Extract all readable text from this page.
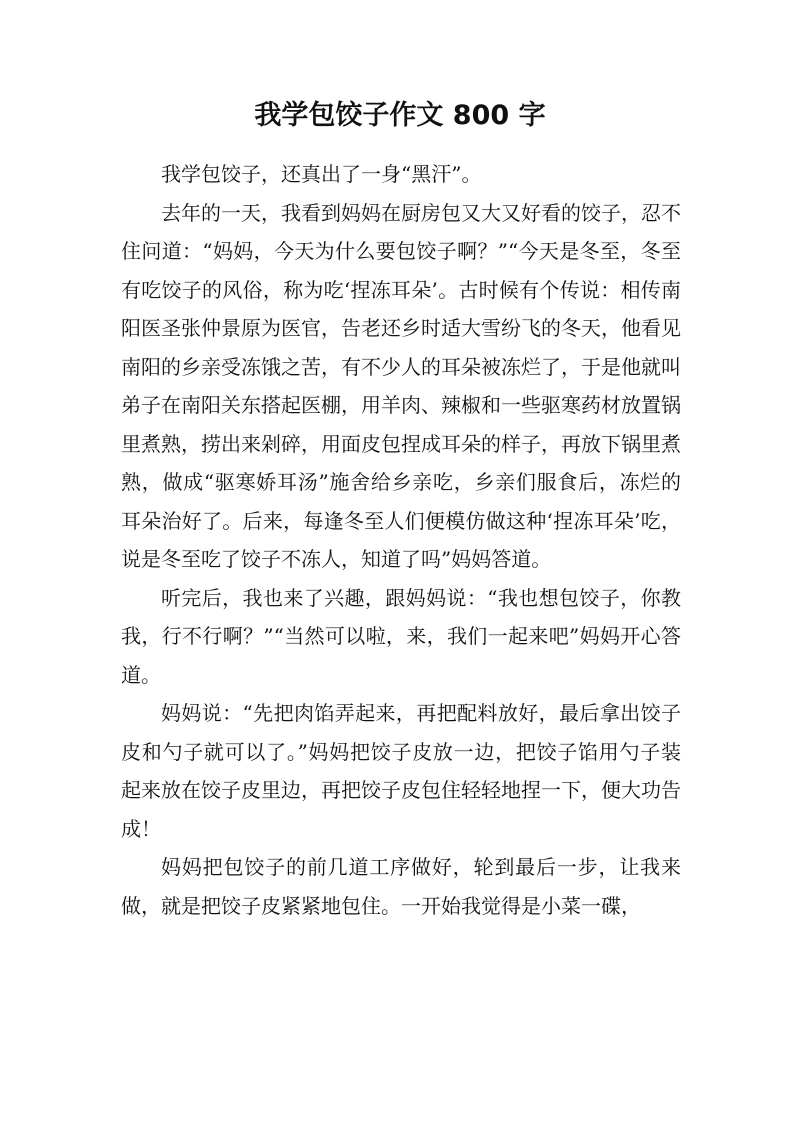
我学包饺子作文 800 字

我学包饺子，还真出了一身“黑汗”。

去年的一天，我看到妈妈在厨房包又大又好看的饺子，忍不住问道：“妈妈，今天为什么要包饺子啊？”“今天是冬至，冬至有吃饺子的风俗，称为吃‘捏冻耳朵’。古时候有个传说：相传南阳医圣张仲景原为医官，告老还乡时适大雪纷飞的冬天，他看见南阳的乡亲受冻饿之苦，有不少人的耳朵被冻烂了，于是他就叫弟子在南阳关东搭起医棚，用羊肉、辣椒和一些驱寒药材放置锅里煮熟，捞出来剁碎，用面皮包捏成耳朵的样子，再放下锅里煮熟，做成“驱寒娇耳汤”施舍给乡亲吃，乡亲们服食后，冻烂的耳朵治好了。后来，每逢冬至人们便模仿做这种‘捏冻耳朵’吃，说是冬至吃了饺子不冻人，知道了吗”妈妈答道。

听完后，我也来了兴趣，跟妈妈说：“我也想包饺子，你教我，行不行啊？”“当然可以啦，来，我们一起来吧”妈妈开心答道。

妈妈说：“先把肉馅弄起来，再把配料放好，最后拿出饺子皮和勺子就可以了。”妈妈把饺子皮放一边，把饺子馅用勺子装起来放在饺子皮里边，再把饺子皮包住轻轻地捏一下，便大功告成！

妈妈把包饺子的前几道工序做好，轮到最后一步，让我来做，就是把饺子皮紧紧地包住。一开始我觉得是小菜一碟，
